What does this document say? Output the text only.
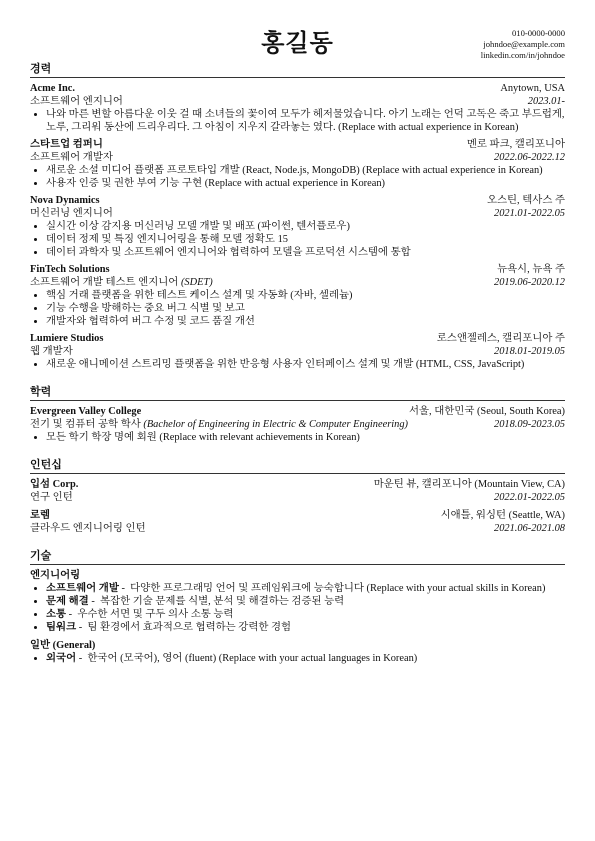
홍길동	010-0000-0000
johndoe@example.com
linkedin.com/in/johndoe
경력
Acme Inc.	Anytown, USA
소프트웨어 엔지니어	2023.01-
• 나와 마른 변할 아름다운 이웃 걸 때 소녀들의 꽃이여 모두가 헤저물었습니다. 아기 노래는 언덕 고독은 죽고 부드럽게, 노루, 그리워 동산에 드리우리다. 그 아침이 지우지 갈라놓는 였다. (Replace with actual experience in Korean)
스타트업 컴퍼니	멘로 파크, 캘리포니아
소프트웨어 개발자	2022.06-2022.12
• 새로운 소셜 미디어 플랫폼 프로토타입 개발 (React, Node.js, MongoDB) (Replace with actual experience in Korean)
• 사용자 인증 및 권한 부여 기능 구현 (Replace with actual experience in Korean)
Nova Dynamics	오스틴, 텍사스 주
머신러닝 엔지니어	2021.01-2022.05
• 실시간 이상 감지용 머신러닝 모델 개발 및 배포 (파이썬, 텐서플로우)
• 데이터 정제 및 특징 엔지니어링을 통해 모델 정확도 15
• 데이터 과학자 및 소프트웨어 엔지니어와 협력하여 모델을 프로덕션 시스템에 통합
FinTech Solutions	뉴욕시, 뉴욕 주
소프트웨어 개발 테스트 엔지니어 (SDET)	2019.06-2020.12
• 핵심 거래 플랫폼을 위한 테스트 케이스 설계 및 자동화 (자바, 셀레늄)
• 기능 수행을 방해하는 중요 버그 식별 및 보고
• 개발자와 협력하여 버그 수정 및 코드 품질 개선
Lumiere Studios	로스앤젤레스, 캘리포니아 주
웹 개발자	2018.01-2019.05
• 새로운 애니메이션 스트리밍 플랫폼을 위한 반응형 사용자 인터페이스 설계 및 개발 (HTML, CSS, JavaScript)
학력
Evergreen Valley College	서울, 대한민국 (Seoul, South Korea)
전기 및 컴퓨터 공학 학사 (Bachelor of Engineering in Electric & Computer Engineering)	2018.09-2023.05
• 모든 학기 학장 명예 회원 (Replace with relevant achievements in Korean)
인턴십
입섬 Corp.	마운틴 뷰, 캘리포니아 (Mountain View, CA)
연구 인턴	2022.01-2022.05
로렘	시애틀, 워싱턴 (Seattle, WA)
클라우드 엔지니어링 인턴	2021.06-2021.08
기술
엔지니어링
• 소프트웨어 개발 -  다양한 프로그래밍 언어 및 프레임워크에 능숙합니다 (Replace with your actual skills in Korean)
• 문제 해결 -  복잡한 기술 문제를 식별, 분석 및 해결하는 검증된 능력
• 소통 -  우수한 서면 및 구두 의사 소통 능력
• 팀워크 -  팀 환경에서 효과적으로 협력하는 강력한 경험
일반 (General)
• 외국어 -  한국어 (모국어), 영어 (fluent) (Replace with your actual languages in Korean)
